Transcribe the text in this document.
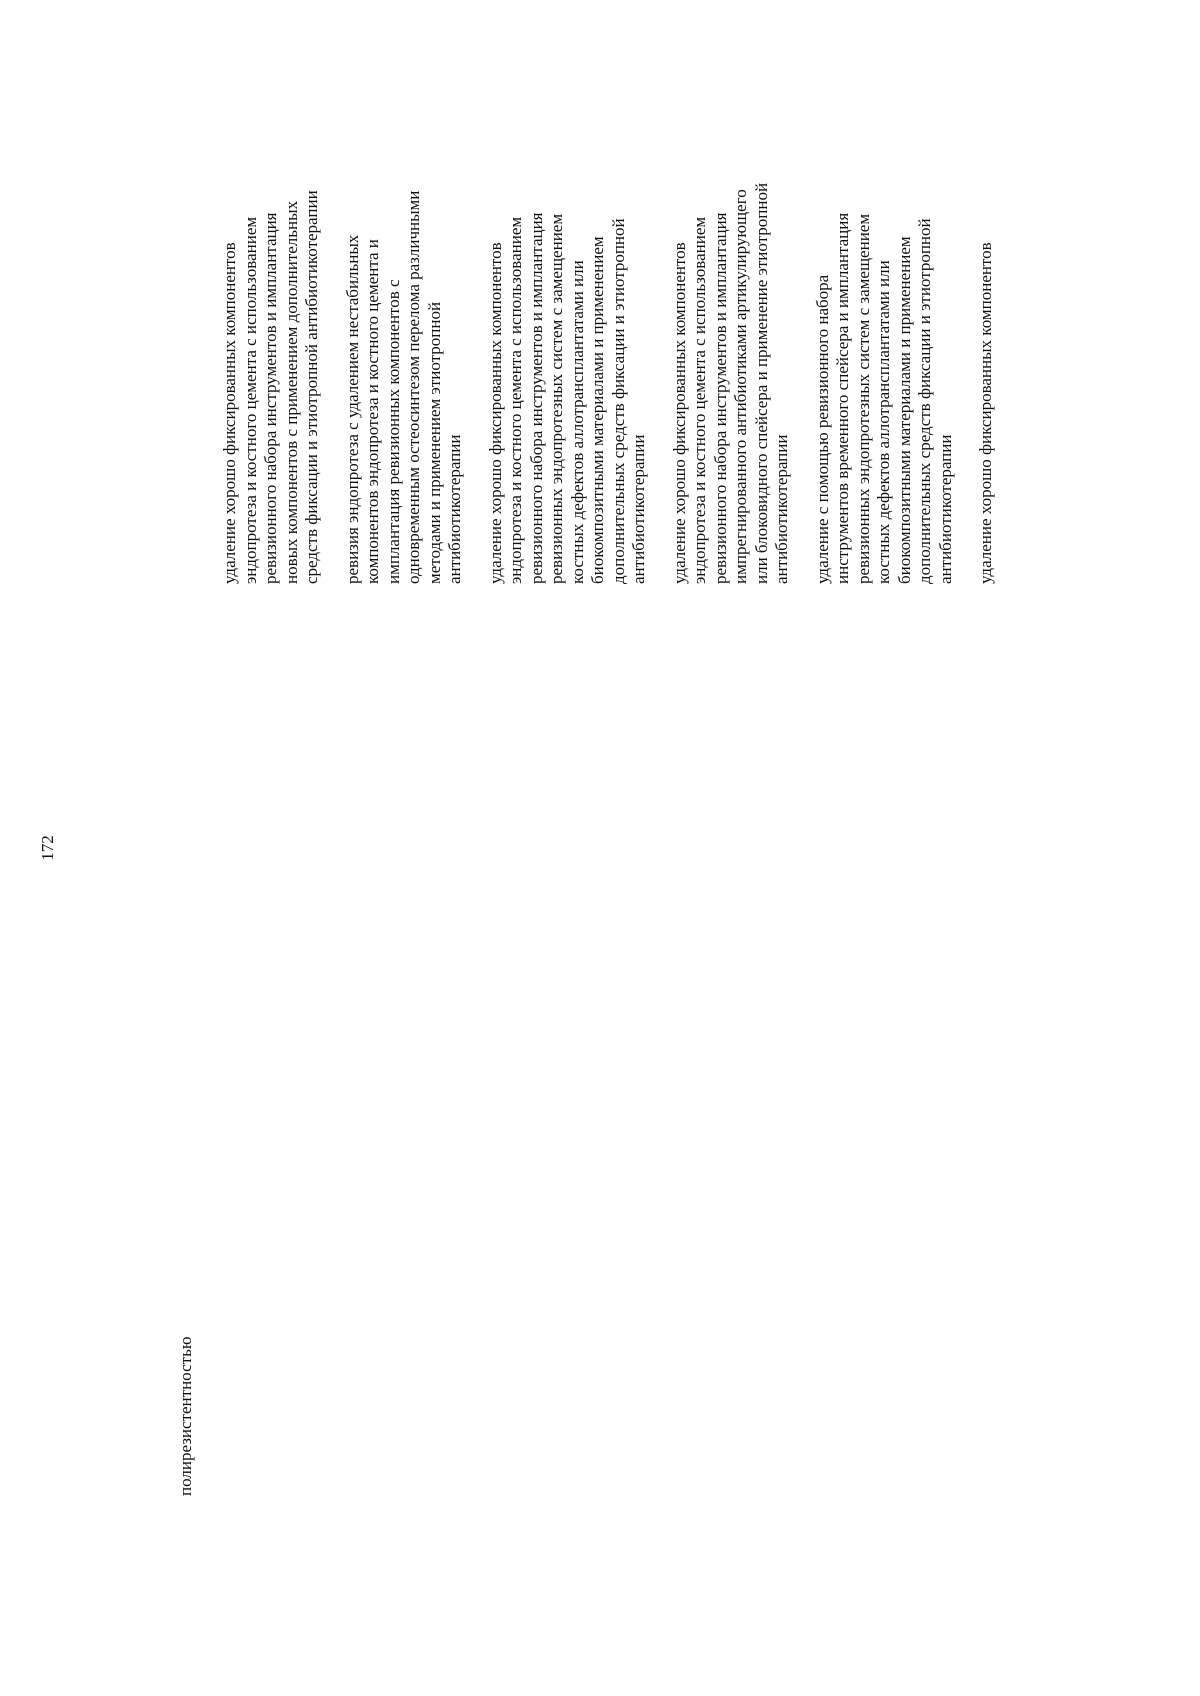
172
полирезистентностью
удаление хорошо фиксированных компонентов эндопротеза и костного цемента с использованием ревизионного набора инструментов и имплантация новых компонентов с применением дополнительных средств фиксации и этиотропной антибиотикотерапии ревизия эндопротеза с удалением нестабильных компонентов эндопротеза и костного цемента и имплантация ревизионных компонентов с одновременным остеосинтезом перелома различными методами и применением этиотропной антибиотикотерапии удаление хорошо фиксированных компонентов эндопротеза и костного цемента с использованием ревизионного набора инструментов и имплантация ревизионных эндопротезных систем с замещением костных дефектов аллотрансплантатами или биокомпозитными материалами и применением дополнительных средств фиксации и этиотропной антибиотикотерапии удаление хорошо фиксированных компонентов эндопротеза и костного цемента с использованием ревизионного набора инструментов и имплантация импрегнированного антибиотиками артикулирующего или блоковидного спейсера и применение этиотропной антибиотикотерапии удаление с помощью ревизионного набора инструментов временного спейсера и имплантация ревизионных эндопротезных систем с замещением костных дефектов аллотрансплантатами или биокомпозитными материалами и применением дополнительных средств фиксации и этиотропной антибиотикотерапии удаление хорошо фиксированных компонентов
